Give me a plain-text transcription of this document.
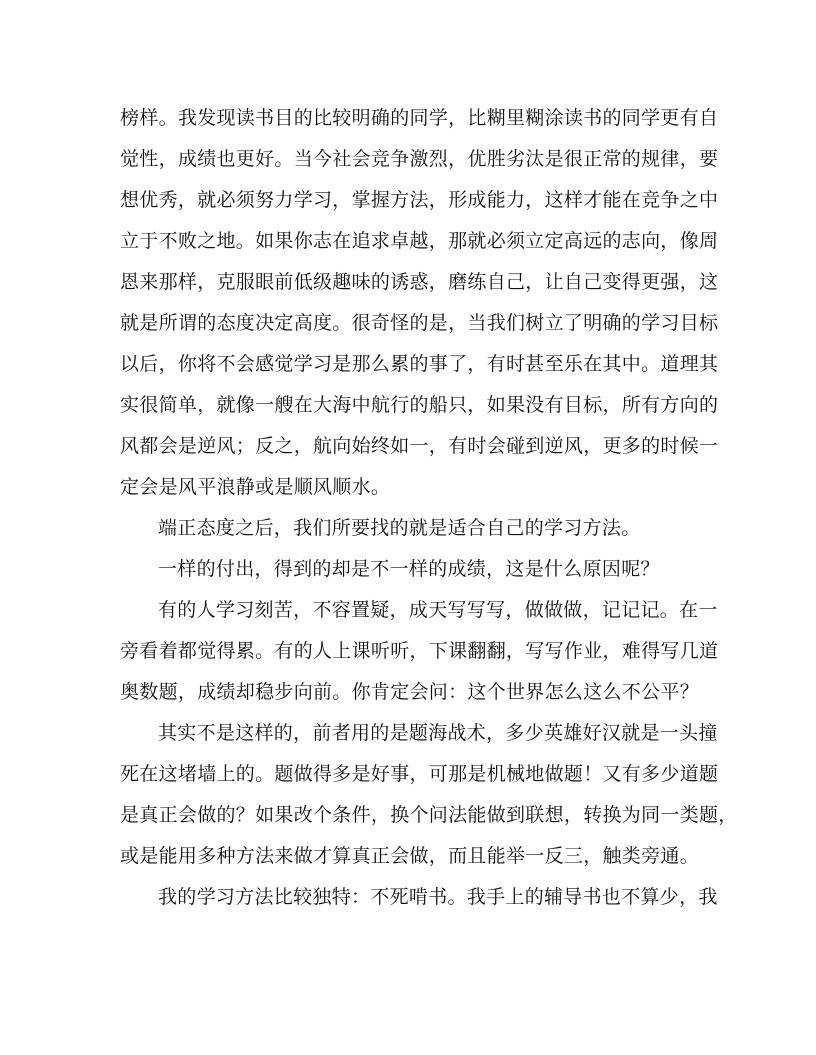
榜样。我发现读书目的比较明确的同学，比糊里糊涂读书的同学更有自
觉性，成绩也更好。当今社会竞争激烈，优胜劣汰是很正常的规律，要
想优秀，就必须努力学习，掌握方法，形成能力，这样才能在竞争之中
立于不败之地。如果你志在追求卓越，那就必须立定高远的志向，像周
恩来那样，克服眼前低级趣味的诱惑，磨练自己，让自己变得更强，这
就是所谓的态度决定高度。很奇怪的是，当我们树立了明确的学习目标
以后，你将不会感觉学习是那么累的事了，有时甚至乐在其中。道理其
实很简单，就像一艘在大海中航行的船只，如果没有目标，所有方向的
风都会是逆风；反之，航向始终如一，有时会碰到逆风，更多的时候一
定会是风平浪静或是顺风顺水。
端正态度之后，我们所要找的就是适合自己的学习方法。
一样的付出，得到的却是不一样的成绩，这是什么原因呢？
有的人学习刻苦，不容置疑，成天写写写，做做做，记记记。在一
旁看着都觉得累。有的人上课听听，下课翻翻，写写作业，难得写几道
奥数题，成绩却稳步向前。你肯定会问：这个世界怎么这么不公平？
其实不是这样的，前者用的是题海战术，多少英雄好汉就是一头撞
死在这堵墙上的。题做得多是好事，可那是机械地做题！又有多少道题
是真正会做的？如果改个条件，换个问法能做到联想，转换为同一类题，
或是能用多种方法来做才算真正会做，而且能举一反三，触类旁通。
我的学习方法比较独特：不死啃书。我手上的辅导书也不算少，我
